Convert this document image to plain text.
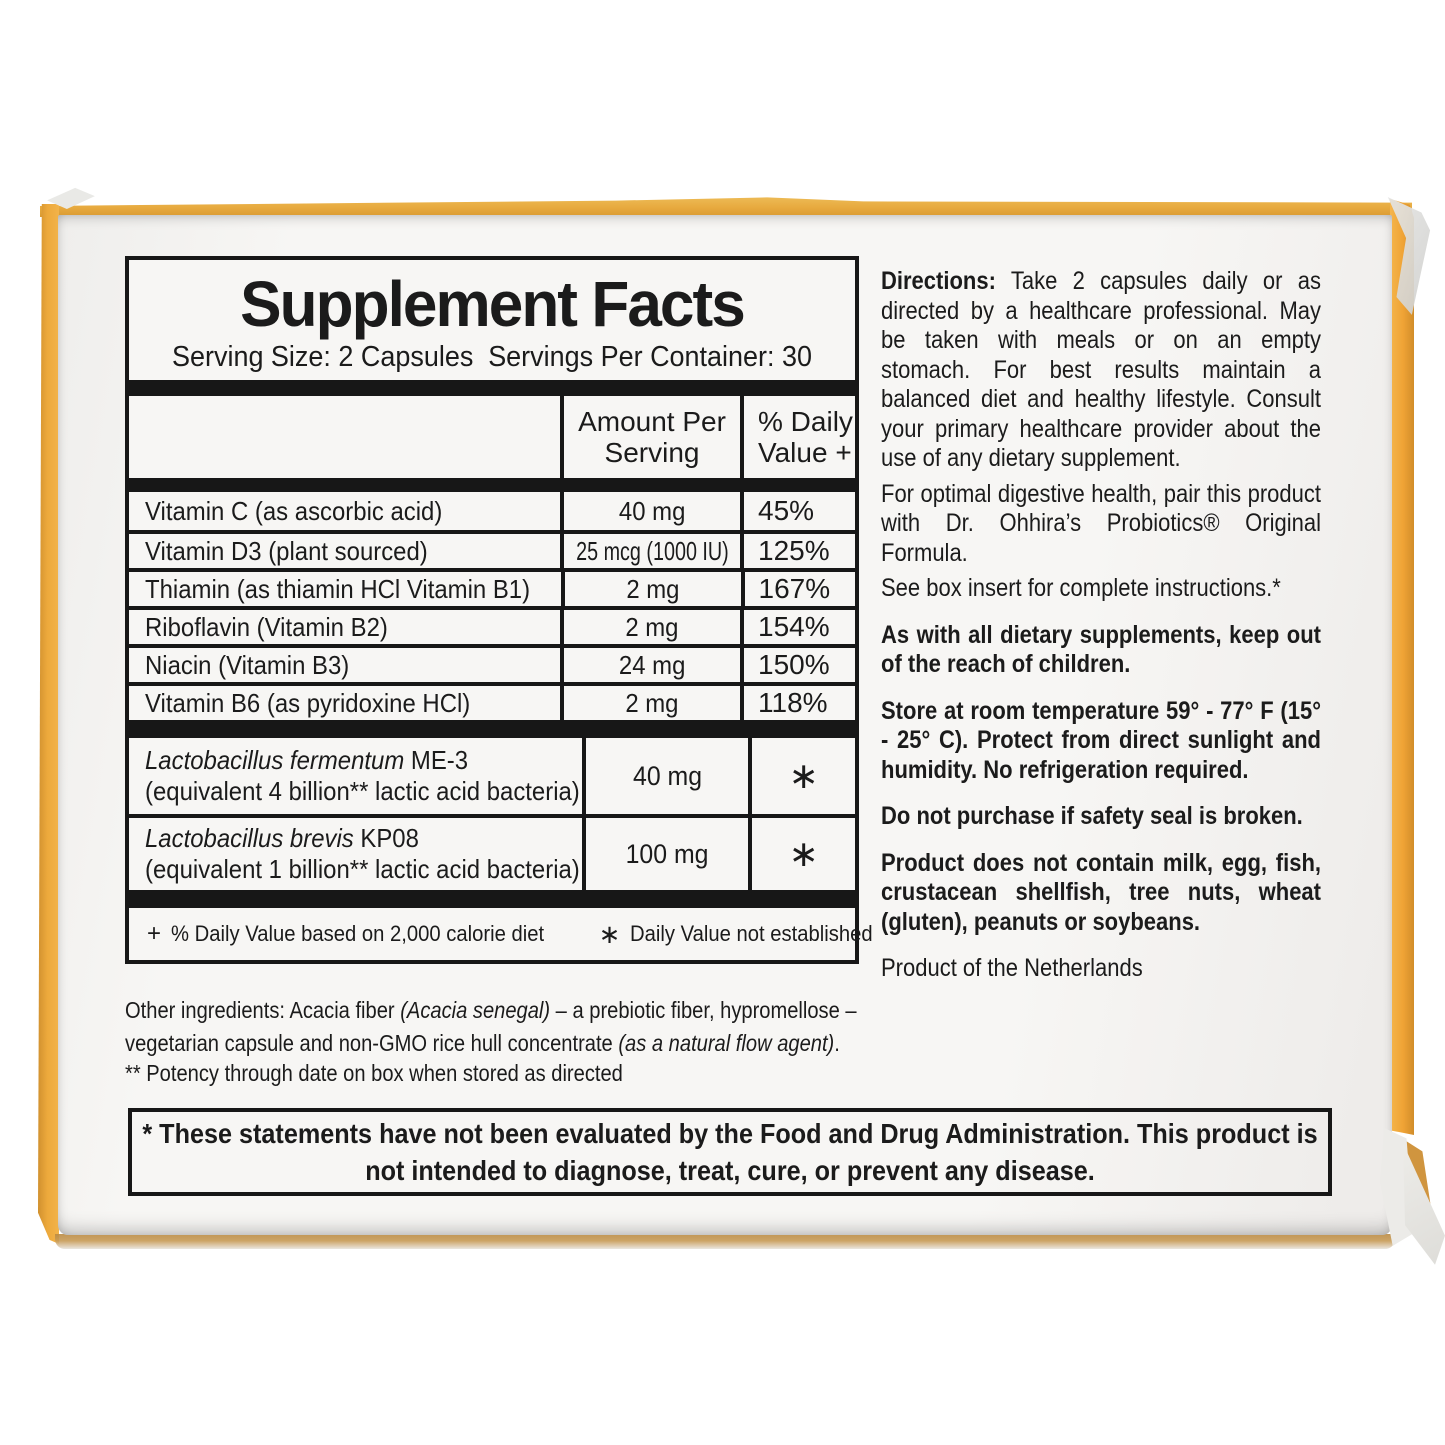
Supplement Facts
Serving Size: 2 Capsules Servings Per Container: 30
Amount Per Serving
% Daily Value +
Vitamin C (as ascorbic acid)	40 mg	45%
Vitamin D3 (plant sourced)	25 mcg (1000 IU) 125%
Thiamin (as thiamin HCl Vitamin B1)	2 mg	167%
Riboflavin (Vitamin B2)	2 mg	154%
Niacin (Vitamin B3)	24 mg	150%
Vitamin B6 (as pyridoxine HCl)	2 mg	118%
Lactobacillus fermentum ME-3
(equivalent 4 billion** lactic acid bacteria)
40 mg ∗
Lactobacillus brevis KP08
(equivalent 1 billion** lactic acid bacteria)
100 mg ∗
+ % Daily Value based on 2,000 calorie diet ∗ Daily Value not established
Other ingredients: Acacia fiber (Acacia senegal) – a prebiotic fiber, hypromellose – vegetarian capsule and non-GMO rice hull concentrate (as a natural flow agent).
** Potency through date on box when stored as directed

Directions: Take 2 capsules daily or as directed by a healthcare professional. May be taken with meals or on an empty stomach. For best results maintain a balanced diet and healthy lifestyle. Consult your primary healthcare provider about the use of any dietary supplement.

For optimal digestive health, pair this product with Dr. Ohhira’s Probiotics® Original Formula.

See box insert for complete instructions.*

As with all dietary supplements, keep out of the reach of children.

Store at room temperature 59° - 77° F (15° - 25° C). Protect from direct sunlight and humidity. No refrigeration required.

Do not purchase if safety seal is broken.

Product does not contain milk, egg, fish, crustacean shellfish, tree nuts, wheat (gluten), peanuts or soybeans.

Product of the Netherlands

* These statements have not been evaluated by the Food and Drug Administration. This product is not intended to diagnose, treat, cure, or prevent any disease.
